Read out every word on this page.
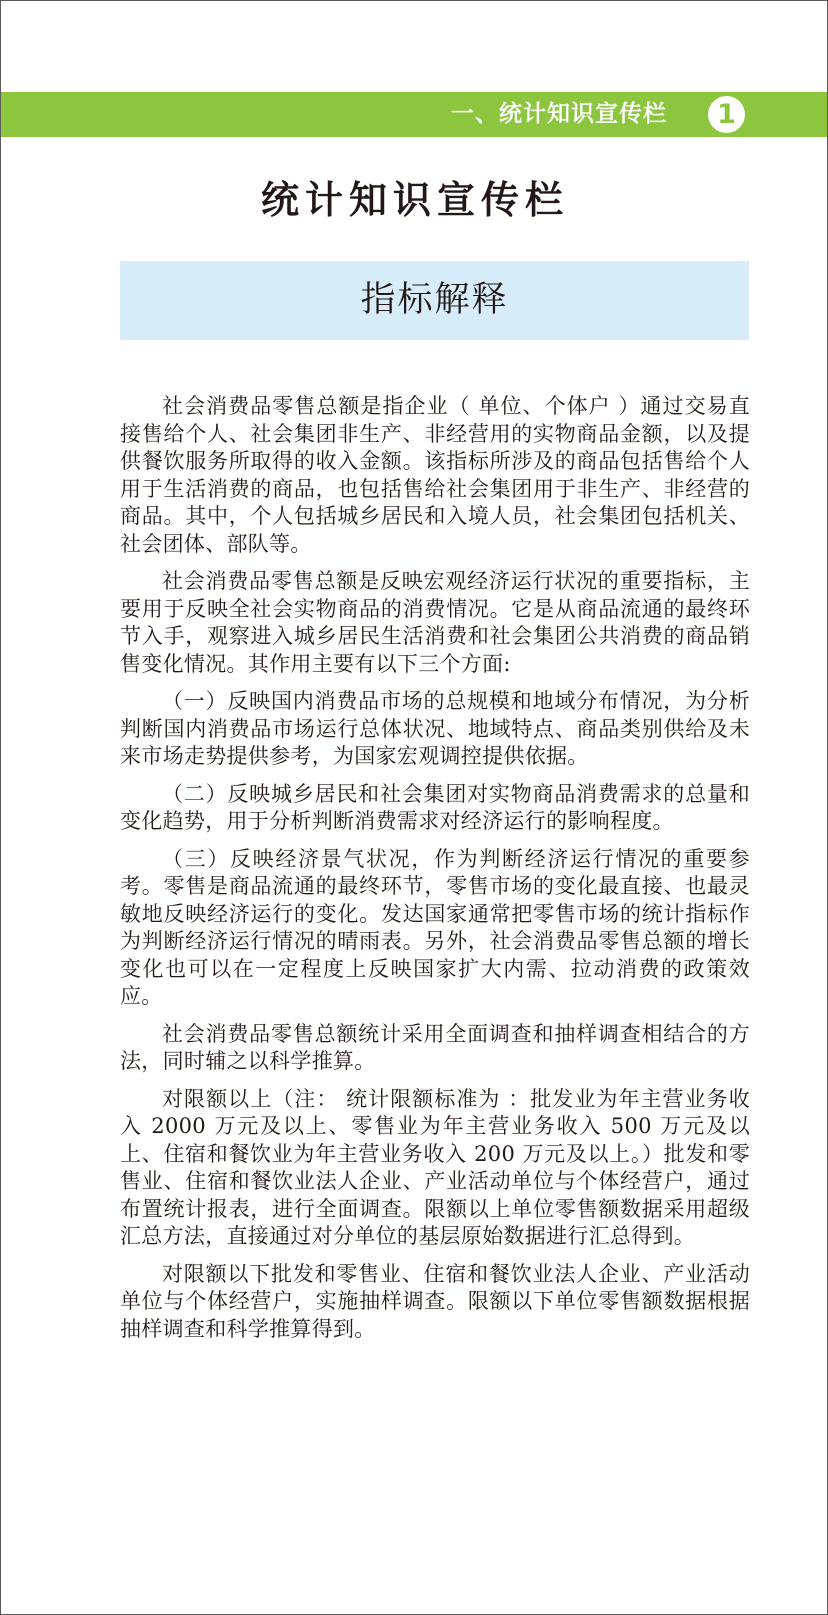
一、统计知识宣传栏	1
统计知识宣传栏
指标解释

社会消费品零售总额是指企业（ 单位、个体户 ）通过交易直接售给个人、社会集团非生产、非经营用的实物商品金额，以及提供餐饮服务所取得的收入金额。该指标所涉及的商品包括售给个人用于生活消费的商品，也包括售给社会集团用于非生产、非经营的商品。其中，个人包括城乡居民和入境人员，社会集团包括机关、社会团体、部队等。

社会消费品零售总额是反映宏观经济运行状况的重要指标，主要用于反映全社会实物商品的消费情况。它是从商品流通的最终环节入手，观察进入城乡居民生活消费和社会集团公共消费的商品销售变化情况。其作用主要有以下三个方面:

（一）反映国内消费品市场的总规模和地域分布情况，为分析判断国内消费品市场运行总体状况、地域特点、商品类别供给及未来市场走势提供参考，为国家宏观调控提供依据。

（二）反映城乡居民和社会集团对实物商品消费需求的总量和变化趋势，用于分析判断消费需求对经济运行的影响程度。

（三）反映经济景气状况，作为判断经济运行情况的重要参考。零售是商品流通的最终环节，零售市场的变化最直接、也最灵敏地反映经济运行的变化。发达国家通常把零售市场的统计指标作为判断经济运行情况的晴雨表。另外，社会消费品零售总额的增长变化也可以在一定程度上反映国家扩大内需、拉动消费的政策效应。

社会消费品零售总额统计采用全面调查和抽样调查相结合的方法，同时辅之以科学推算。

对限额以上（注： 统计限额标准为 ：批发业为年主营业务收入 2000 万元及以上、零售业为年主营业务收入 500 万元及以上、住宿和餐饮业为年主营业务收入 200 万元及以上。）批发和零售业、住宿和餐饮业法人企业、产业活动单位与个体经营户，通过布置统计报表，进行全面调查。限额以上单位零售额数据采用超级汇总方法，直接通过对分单位的基层原始数据进行汇总得到。

对限额以下批发和零售业、住宿和餐饮业法人企业、产业活动单位与个体经营户，实施抽样调查。限额以下单位零售额数据根据抽样调查和科学推算得到。
